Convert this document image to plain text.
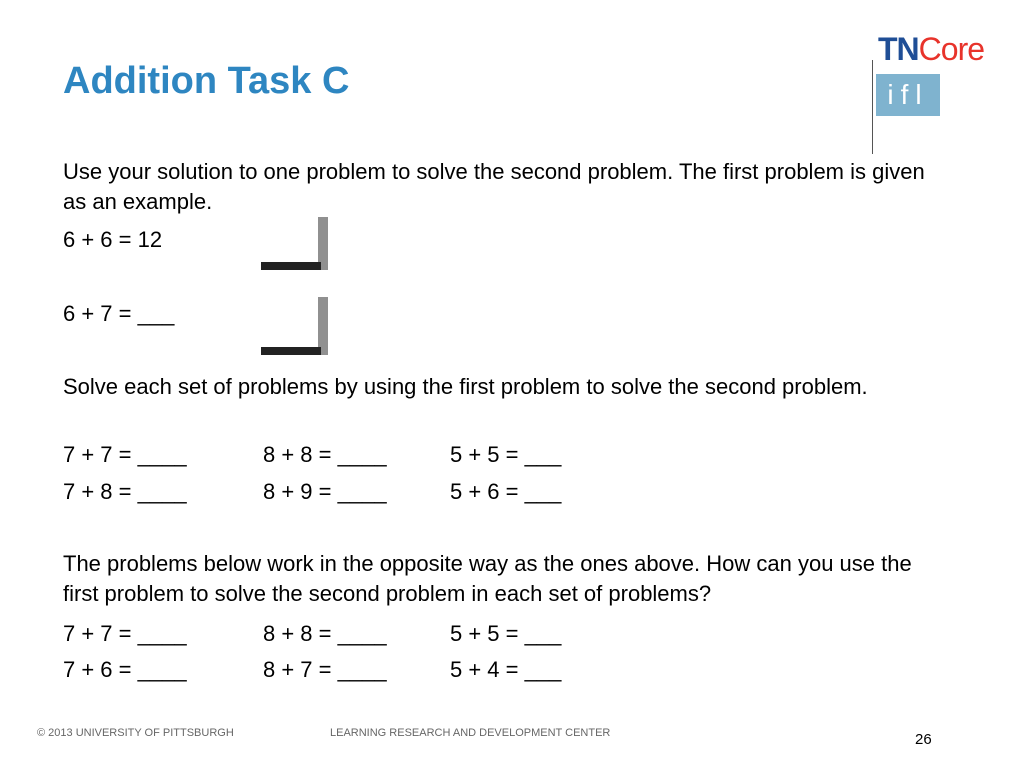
Addition Task C
TNCore
ifl

Use your solution to one problem to solve the second problem. The first problem is given as an example.

6 + 6 = 12
6 + 7 = ___

Solve each set of problems by using the first problem to solve the second problem.

7 + 7 = ____	8 + 8 = ____	5 + 5 = ___
7 + 8 = ____	8 + 9 = ____	5 + 6 = ___

The problems below work in the opposite way as the ones above. How can you use the first problem to solve the second problem in each set of problems?

7 + 7 = ____	8 + 8 = ____	5 + 5 = ___
7 + 6 = ____	8 + 7 = ____	5 + 4 = ___
© 2013 UNIVERSITY OF PITTSBURGH	LEARNING RESEARCH AND DEVELOPMENT CENTER	26
